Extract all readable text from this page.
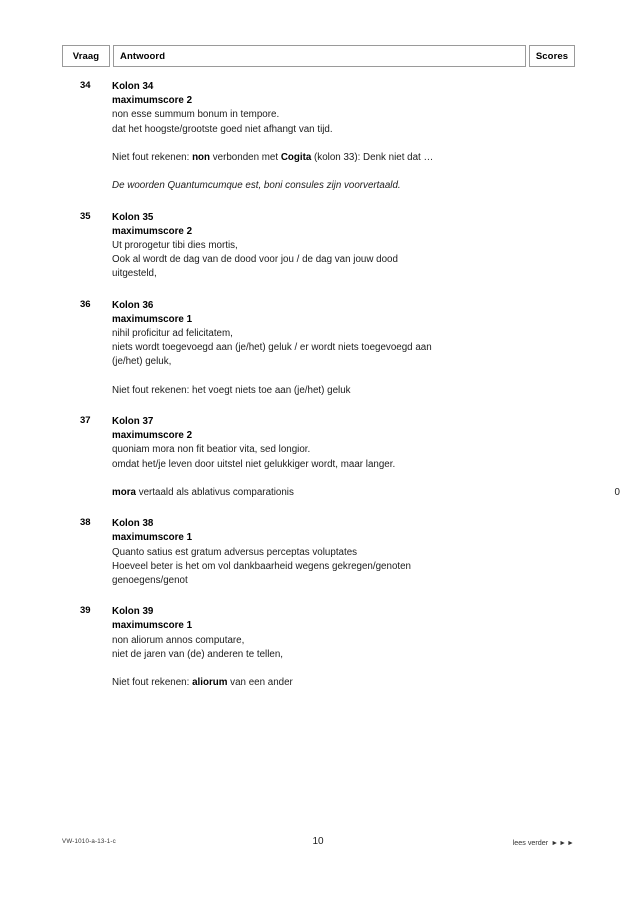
Vraag	Antwoord	Scores
34	Kolon 34
maximumscore 2
non esse summum bonum in tempore.
dat het hoogste/grootste goed niet afhangt van tijd.
Niet fout rekenen: non verbonden met Cogita (kolon 33): Denk niet dat …
De woorden Quantumcumque est, boni consules zijn voorvertaald.
35	Kolon 35
maximumscore 2
Ut prorogetur tibi dies mortis,
Ook al wordt de dag van de dood voor jou / de dag van jouw dood
uitgesteld,
36	Kolon 36
maximumscore 1
nihil proficitur ad felicitatem,
niets wordt toegevoegd aan (je/het) geluk / er wordt niets toegevoegd aan
(je/het) geluk,
Niet fout rekenen: het voegt niets toe aan (je/het) geluk
37	Kolon 37
maximumscore 2
quoniam mora non fit beatior vita, sed longior.
omdat het/je leven door uitstel niet gelukkiger wordt, maar langer.
mora vertaald als ablativus comparationis	0
38	Kolon 38
maximumscore 1
Quanto satius est gratum adversus perceptas voluptates
Hoeveel beter is het om vol dankbaarheid wegens gekregen/genoten
genoegens/genot
39	Kolon 39
maximumscore 1
non aliorum annos computare,
niet de jaren van (de) anderen te tellen,
Niet fout rekenen: aliorum van een ander
VW-1010-a-13-1-c	10	lees verder ►►►
